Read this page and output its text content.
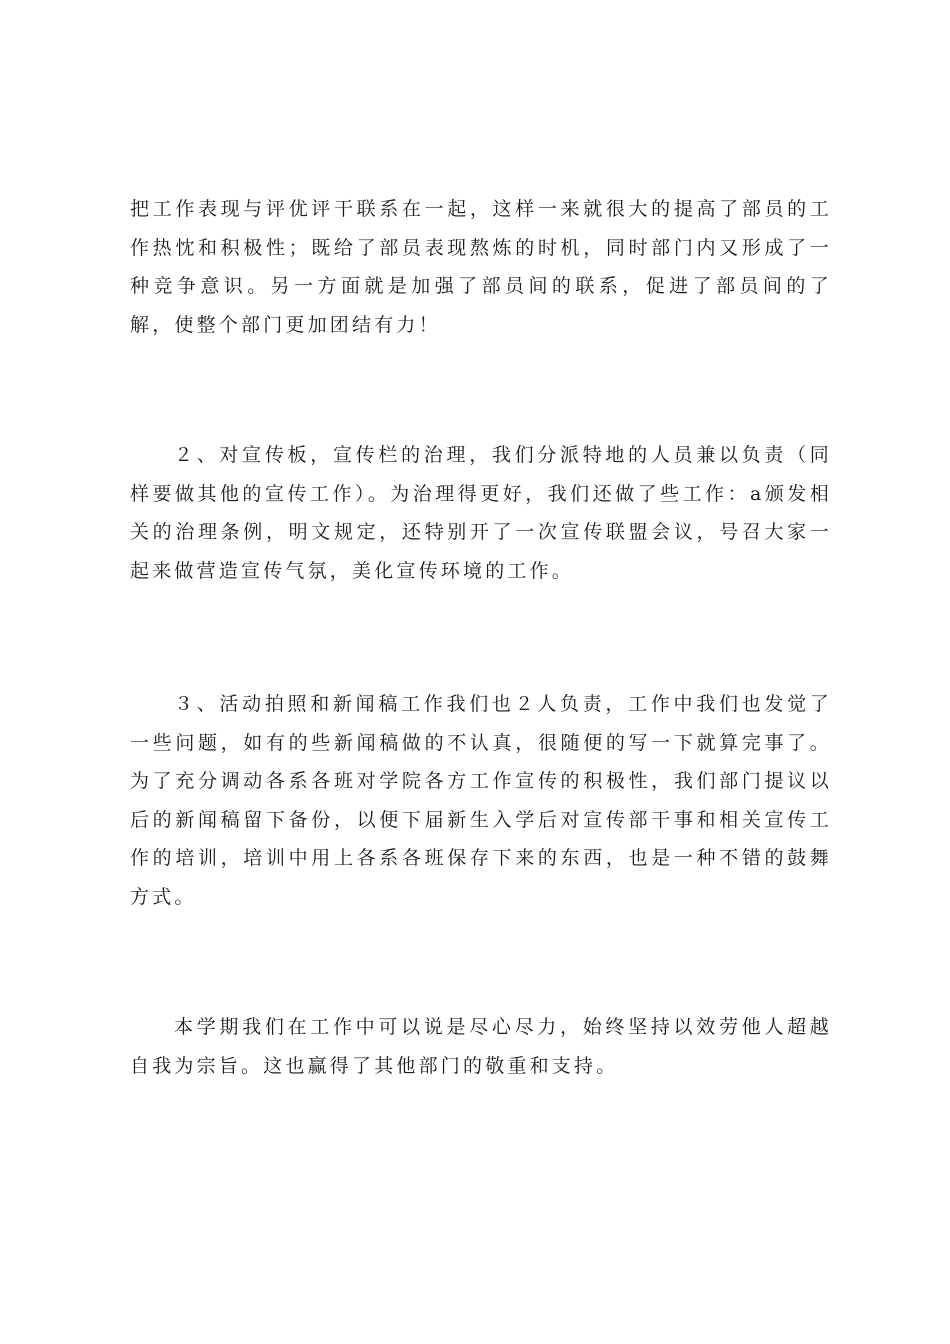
把工作表现与评优评干联系在一起，这样一来就很大的提高了部员的工作热忱和积极性；既给了部员表现熬炼的时机，同时部门内又形成了一种竞争意识。另一方面就是加强了部员间的联系，促进了部员间的了解，使整个部门更加团结有力！

２、对宣传板，宣传栏的治理，我们分派特地的人员兼以负责（同样要做其他的宣传工作）。为治理得更好，我们还做了些工作：a颁发相关的治理条例，明文规定，还特别开了一次宣传联盟会议，号召大家一起来做营造宣传气氛，美化宣传环境的工作。

３、活动拍照和新闻稿工作我们也２人负责，工作中我们也发觉了一些问题，如有的些新闻稿做的不认真，很随便的写一下就算完事了。为了充分调动各系各班对学院各方工作宣传的积极性，我们部门提议以后的新闻稿留下备份，以便下届新生入学后对宣传部干事和相关宣传工作的培训，培训中用上各系各班保存下来的东西，也是一种不错的鼓舞方式。

本学期我们在工作中可以说是尽心尽力，始终坚持以效劳他人超越自我为宗旨。这也赢得了其他部门的敬重和支持。
